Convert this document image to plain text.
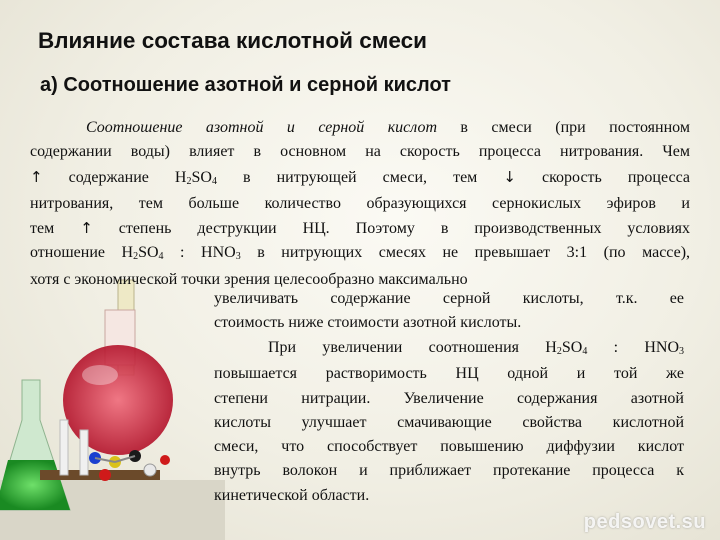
Влияние состава кислотной смеси
а) Соотношение азотной и серной кислот
Соотношение азотной и серной кислот в смеси (при постоянном
содержании воды) влияет в основном на скорость процесса нитрования. Чем
↑ содержание Н2SO4 в нитрующей смеси, тем ↓ скорость процесса
нитрования, тем больше количество образующихся сернокислых эфиров и
тем ↑ степень деструкции НЦ. Поэтому в производственных условиях
отношение Н2SO4 : HNO3 в нитрующих смесях не превышает 3:1 (по массе),
хотя с экономической точки зрения целесообразно максимально
увеличивать содержание серной кислоты, т.к. ее
стоимость ниже стоимости азотной кислоты.
При увеличении соотношения Н2SO4 : HNO3
повышается растворимость НЦ одной и той же
степени нитрации. Увеличение содержания азотной
кислоты улучшает смачивающие свойства кислотной
смеси, что способствует повышению диффузии кислот
внутрь волокон и приближает протекание процесса к
кинетической области.
pedsovet.su
